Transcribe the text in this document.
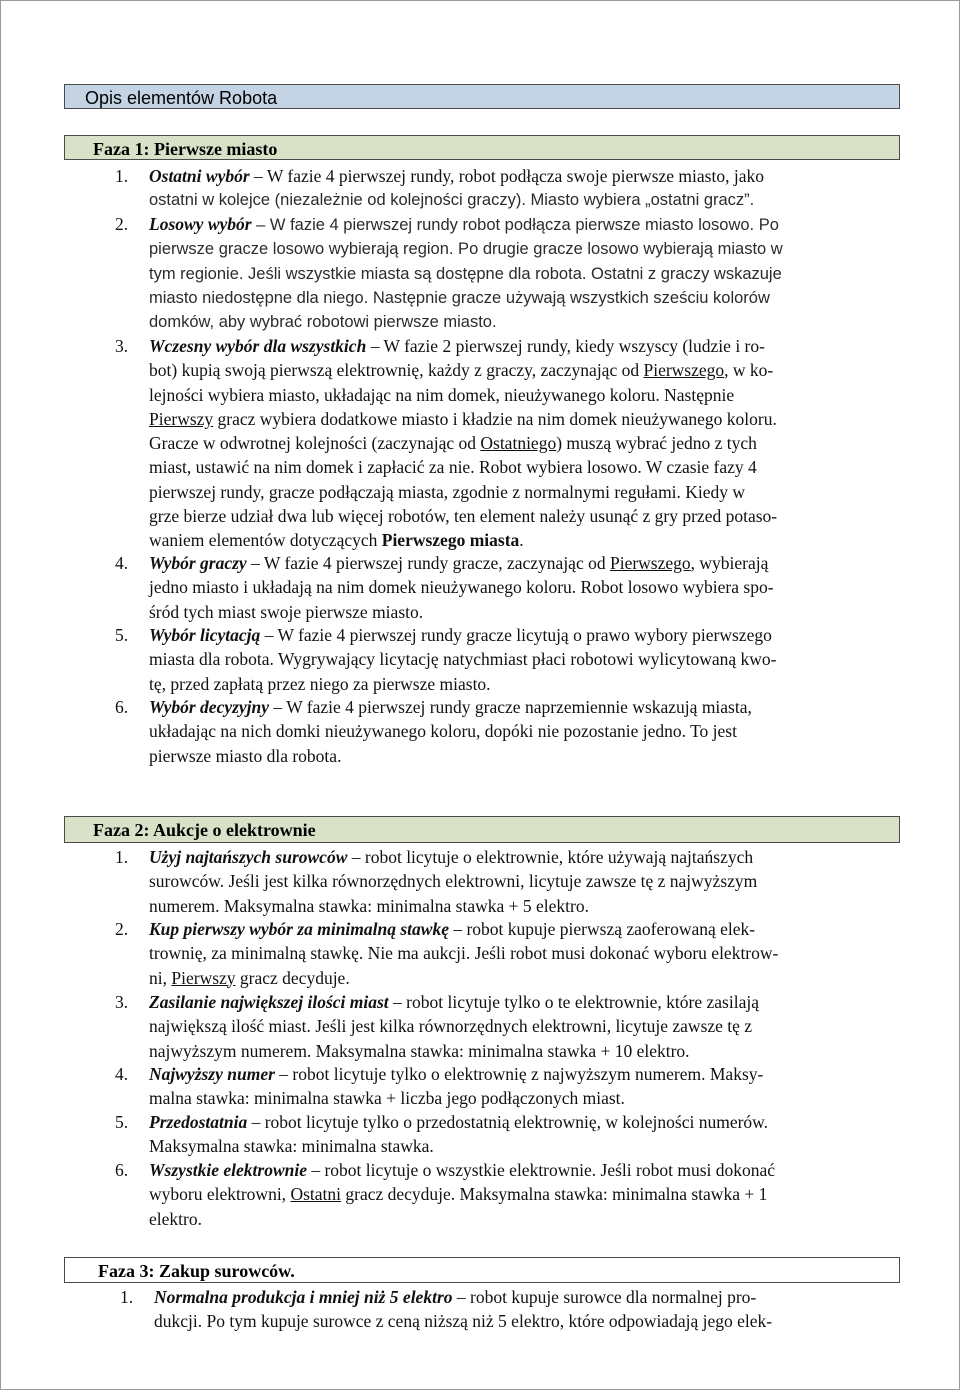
Opis elementów Robota
Faza 1: Pierwsze miasto
1.	Ostatni wybór – W fazie 4 pierwszej rundy, robot podłącza swoje pierwsze miasto, jako
ostatni w kolejce (niezależnie od kolejności graczy). Miasto wybiera „ostatni gracz”.
2.	Losowy wybór – W fazie 4 pierwszej rundy robot podłącza pierwsze miasto losowo. Po
pierwsze gracze losowo wybierają region. Po drugie gracze losowo wybierają miasto w
tym regionie. Jeśli wszystkie miasta są dostępne dla robota. Ostatni z graczy wskazuje
miasto niedostępne dla niego. Następnie gracze używają wszystkich sześciu kolorów
domków, aby wybrać robotowi pierwsze miasto.
3.	Wczesny wybór dla wszystkich – W fazie 2 pierwszej rundy, kiedy wszyscy (ludzie i ro-
bot) kupią swoją pierwszą elektrownię, każdy z graczy, zaczynając od Pierwszego, w ko-
lejności wybiera miasto, układając na nim domek, nieużywanego koloru. Następnie
Pierwszy gracz wybiera dodatkowe miasto i kładzie na nim domek nieużywanego koloru.
Gracze w odwrotnej kolejności (zaczynając od Ostatniego) muszą wybrać jedno z tych
miast, ustawić na nim domek i zapłacić za nie. Robot wybiera losowo. W czasie fazy 4
pierwszej rundy, gracze podłączają miasta, zgodnie z normalnymi regułami. Kiedy w
grze bierze udział dwa lub więcej robotów, ten element należy usunąć z gry przed potaso-
waniem elementów dotyczących Pierwszego miasta.
4.	Wybór graczy – W fazie 4 pierwszej rundy gracze, zaczynając od Pierwszego, wybierają
jedno miasto i układają na nim domek nieużywanego koloru. Robot losowo wybiera spo-
śród tych miast swoje pierwsze miasto.
5.	Wybór licytacją – W fazie 4 pierwszej rundy gracze licytują o prawo wybory pierwszego
miasta dla robota. Wygrywający licytację natychmiast płaci robotowi wylicytowaną kwo-
tę, przed zapłatą przez niego za pierwsze miasto.
6.	Wybór decyzyjny – W fazie 4 pierwszej rundy gracze naprzemiennie wskazują miasta,
układając na nich domki nieużywanego koloru, dopóki nie pozostanie jedno. To jest
pierwsze miasto dla robota.
Faza 2: Aukcje o elektrownie
1.	Użyj najtańszych surowców – robot licytuje o elektrownie, które używają najtańszych
surowców. Jeśli jest kilka równorzędnych elektrowni, licytuje zawsze tę z najwyższym
numerem. Maksymalna stawka: minimalna stawka + 5 elektro.
2.	Kup pierwszy wybór za minimalną stawkę – robot kupuje pierwszą zaoferowaną elek-
trownię, za minimalną stawkę. Nie ma aukcji. Jeśli robot musi dokonać wyboru elektrow-
ni, Pierwszy gracz decyduje.
3.	Zasilanie największej ilości miast – robot licytuje tylko o te elektrownie, które zasilają
największą ilość miast. Jeśli jest kilka równorzędnych elektrowni, licytuje zawsze tę z
najwyższym numerem. Maksymalna stawka: minimalna stawka + 10 elektro.
4.	Najwyższy numer – robot licytuje tylko o elektrownię z najwyższym numerem. Maksy-
malna stawka: minimalna stawka + liczba jego podłączonych miast.
5.	Przedostatnia – robot licytuje tylko o przedostatnią elektrownię, w kolejności numerów.
Maksymalna stawka: minimalna stawka.
6.	Wszystkie elektrownie – robot licytuje o wszystkie elektrownie. Jeśli robot musi dokonać
wyboru elektrowni, Ostatni gracz decyduje. Maksymalna stawka: minimalna stawka + 1
elektro.
Faza 3: Zakup surowców.
1.	Normalna produkcja i mniej niż 5 elektro – robot kupuje surowce dla normalnej pro-
dukcji. Po tym kupuje surowce z ceną niższą niż 5 elektro, które odpowiadają jego elek-
